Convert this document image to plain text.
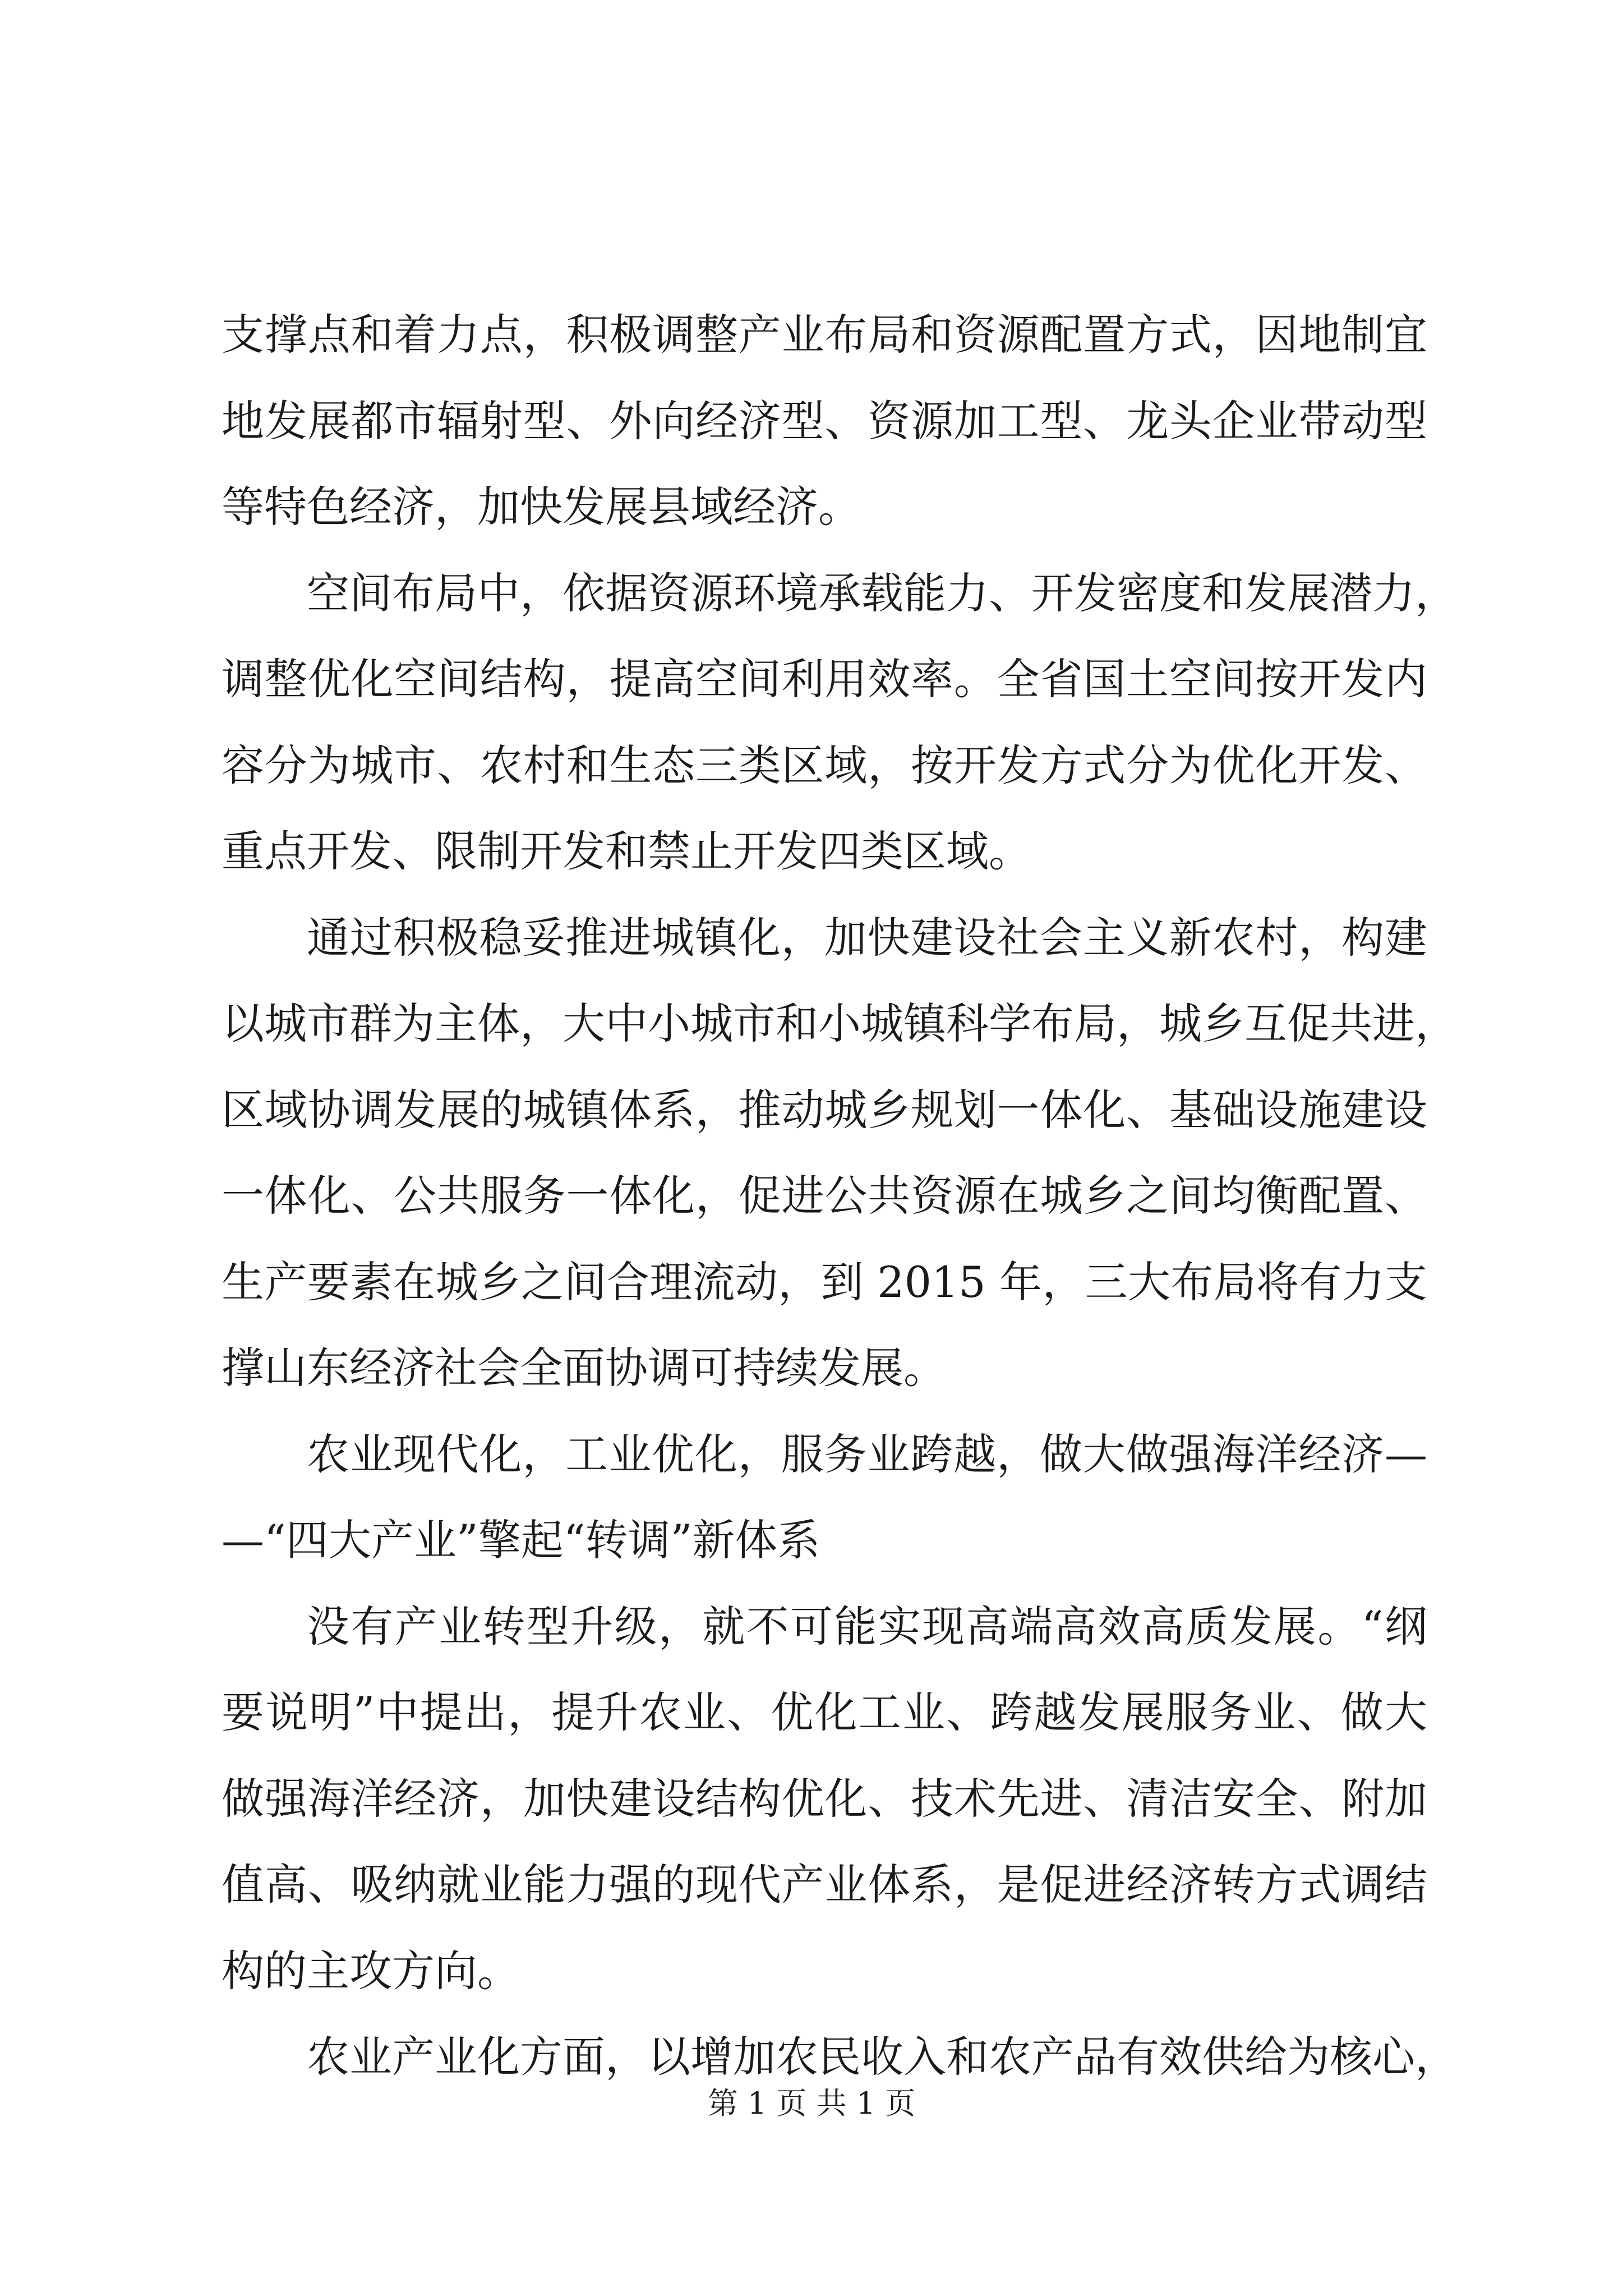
支撑点和着力点，积极调整产业布局和资源配置方式，因地制宜
地发展都市辐射型、外向经济型、资源加工型、龙头企业带动型
等特色经济，加快发展县域经济。
空间布局中，依据资源环境承载能力、开发密度和发展潜力，
调整优化空间结构，提高空间利用效率。全省国土空间按开发内
容分为城市、农村和生态三类区域，按开发方式分为优化开发、
重点开发、限制开发和禁止开发四类区域。
通过积极稳妥推进城镇化，加快建设社会主义新农村，构建
以城市群为主体，大中小城市和小城镇科学布局，城乡互促共进，
区域协调发展的城镇体系，推动城乡规划一体化、基础设施建设
一体化、公共服务一体化，促进公共资源在城乡之间均衡配置、
生产要素在城乡之间合理流动，到 2015 年，三大布局将有力支
撑山东经济社会全面协调可持续发展。
农业现代化，工业优化，服务业跨越，做大做强海洋经济—
—“四大产业”擎起“转调”新体系
没有产业转型升级，就不可能实现高端高效高质发展。“纲
要说明”中提出，提升农业、优化工业、跨越发展服务业、做大
做强海洋经济，加快建设结构优化、技术先进、清洁安全、附加
值高、吸纳就业能力强的现代产业体系，是促进经济转方式调结
构的主攻方向。
农业产业化方面，以增加农民收入和农产品有效供给为核心，
第 1 页 共 1 页
